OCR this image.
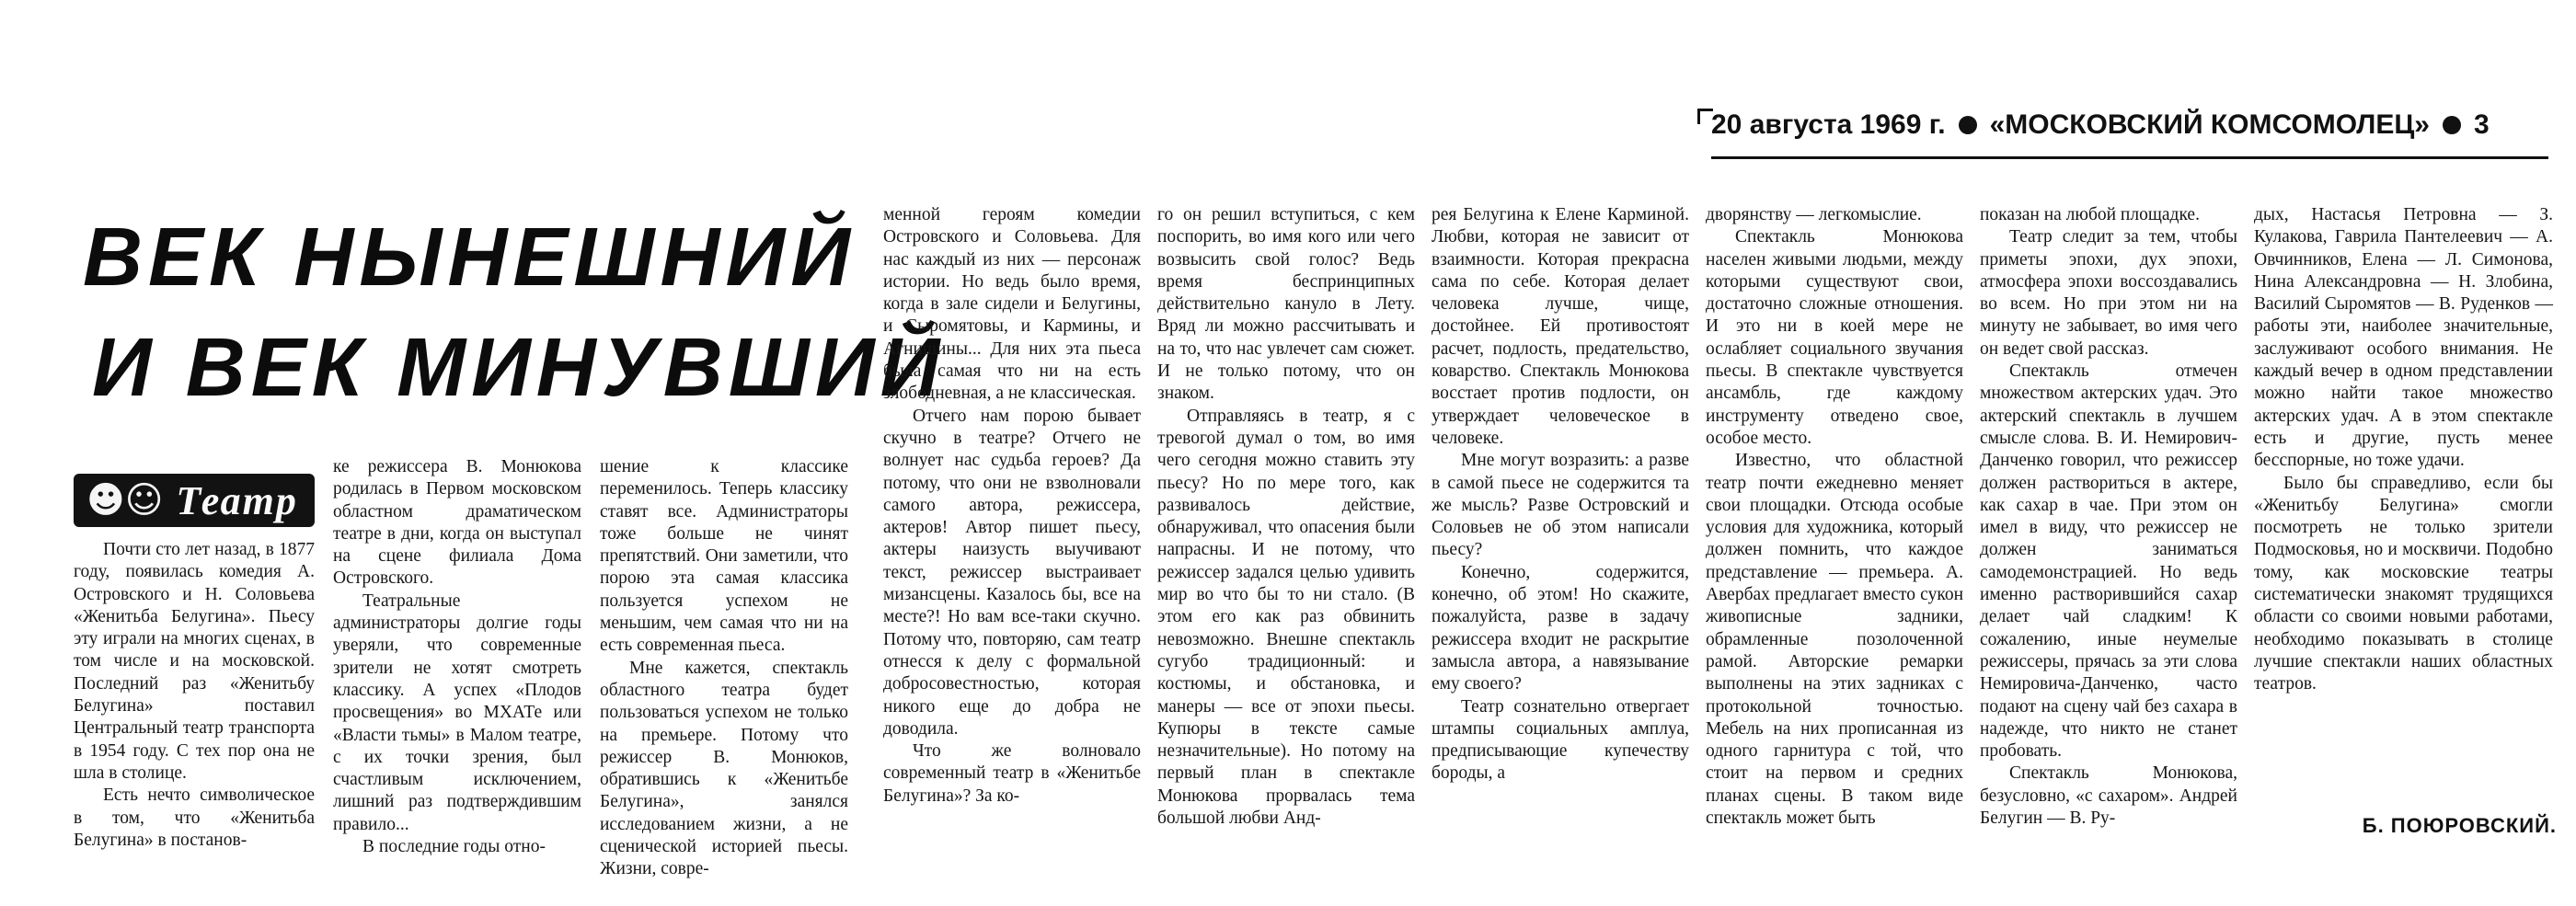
20 августа 1969 г. «МОСКОВСКИЙ КОМСОМОЛЕЦ» 3
ВЕК НЫНЕШНИЙ
И ВЕК МИНУВШИЙ
☻☺ Театр

Почти сто лет назад, в 1877 году, появилась комедия А. Островского и Н. Соловьева «Женитьба Белугина». Пьесу эту играли на многих сценах, в том числе и на московской. Последний раз «Женитьбу Белугина» поставил Центральный театр транспорта в 1954 году. С тех пор она не шла в столице.

Есть нечто символическое в том, что «Женитьба Белугина» в постанов-

ке режиссера В. Монюкова родилась в Первом московском областном драматическом театре в дни, когда он выступал на сцене филиала Дома Островского.

Театральные администраторы долгие годы уверяли, что современные зрители не хотят смотреть классику. А успех «Плодов просвещения» во МХАТе или «Власти тьмы» в Малом театре, с их точки зрения, был счастливым исключением, лишний раз подтверждившим правило...

В последние годы отно-

шение к классике переменилось. Теперь классику ставят все. Администраторы тоже больше не чинят препятствий. Они заметили, что порою эта самая классика пользуется успехом не меньшим, чем самая что ни на есть современная пьеса.

Мне кажется, спектакль областного театра будет пользоваться успехом не только на премьере. Потому что режиссер В. Монюков, обратившись к «Женитьбе Белугина», занялся исследованием жизни, а не сценической историей пьесы. Жизни, совре-

менной героям комедии Островского и Соловьева. Для нас каждый из них — персонаж истории. Но ведь было время, когда в зале сидели и Белугины, и Сыромятовы, и Кармины, и Агнишины... Для них эта пьеса была самая что ни на есть злободневная, а не классическая.

Отчего нам порою бывает скучно в театре? Отчего не волнует нас судьба героев? Да потому, что они не взволновали самого автора, режиссера, актеров! Автор пишет пьесу, актеры наизусть выучивают текст, режиссер выстраивает мизансцены. Казалось бы, все на месте?! Но вам все-таки скучно. Потому что, повторяю, сам театр отнесся к делу с формальной добросовестностью, которая никого еще до добра не доводила.

Что же волновало современный театр в «Женитьбе Белугина»? За ко-

го он решил вступиться, с кем поспорить, во имя кого или чего возвысить свой голос? Ведь время беспринципных действительно кануло в Лету. Вряд ли можно рассчитывать и на то, что нас увлечет сам сюжет. И не только потому, что он знаком.

Отправляясь в театр, я с тревогой думал о том, во имя чего сегодня можно ставить эту пьесу? Но по мере того, как развивалось действие, обнаруживал, что опасения были напрасны. И не потому, что режиссер задался целью удивить мир во что бы то ни стало. (В этом его как раз обвинить невозможно. Внешне спектакль сугубо традиционный: и костюмы, и обстановка, и манеры — все от эпохи пьесы. Купюры в тексте самые незначительные). Но потому на первый план в спектакле Монюкова прорвалась тема большой любви Анд-

рея Белугина к Елене Карминой. Любви, которая не зависит от взаимности. Которая прекрасна сама по себе. Которая делает человека лучше, чище, достойнее. Ей противостоят расчет, подлость, предательство, коварство. Спектакль Монюкова восстает против подлости, он утверждает человеческое в человеке.

Мне могут возразить: а разве в самой пьесе не содержится та же мысль? Разве Островский и Соловьев не об этом написали пьесу?

Конечно, содержится, конечно, об этом! Но скажите, пожалуйста, разве в задачу режиссера входит не раскрытие замысла автора, а навязывание ему своего?

Театр сознательно отвергает штампы социальных амплуа, предписывающие купечеству бороды, а

дворянству — легкомыслие.

Спектакль Монюкова населен живыми людьми, между которыми существуют свои, достаточно сложные отношения. И это ни в коей мере не ослабляет социального звучания пьесы. В спектакле чувствуется ансамбль, где каждому инструменту отведено свое, особое место.

Известно, что областной театр почти ежедневно меняет свои площадки. Отсюда особые условия для художника, который должен помнить, что каждое представление — премьера. А. Авербах предлагает вместо сукон живописные задники, обрамленные позолоченной рамой. Авторские ремарки выполнены на этих задниках с протокольной точностью. Мебель на них прописанная из одного гарнитура с той, что стоит на первом и средних планах сцены. В таком виде спектакль может быть

показан на любой площадке.

Театр следит за тем, чтобы приметы эпохи, дух эпохи, атмосфера эпохи воссоздавались во всем. Но при этом ни на минуту не забывает, во имя чего он ведет свой рассказ.

Спектакль отмечен множеством актерских удач. Это актерский спектакль в лучшем смысле слова. В. И. Немирович-Данченко говорил, что режиссер должен раствориться в актере, как сахар в чае. При этом он имел в виду, что режиссер не должен заниматься самодемонстрацией. Но ведь именно растворившийся сахар делает чай сладким! К сожалению, иные неумелые режиссеры, прячась за эти слова Немировича-Данченко, часто подают на сцену чай без сахара в надежде, что никто не станет пробовать.

Спектакль Монюкова, безусловно, «с сахаром». Андрей Белугин — В. Ру-

дых, Настасья Петровна — З. Кулакова, Гаврила Пантелеевич — А. Овчинников, Елена — Л. Симонова, Нина Александровна — Н. Злобина, Василий Сыромятов — В. Руденков — работы эти, наиболее значительные, заслуживают особого внимания. Не каждый вечер в одном представлении можно найти такое множество актерских удач. А в этом спектакле есть и другие, пусть менее бесспорные, но тоже удачи.

Было бы справедливо, если бы «Женитьбу Белугина» смогли посмотреть не только зрители Подмосковья, но и москвичи. Подобно тому, как московские театры систематически знакомят трудящихся области со своими новыми работами, необходимо показывать в столице лучшие спектакли наших областных театров.

Б. ПОЮРОВСКИЙ.
